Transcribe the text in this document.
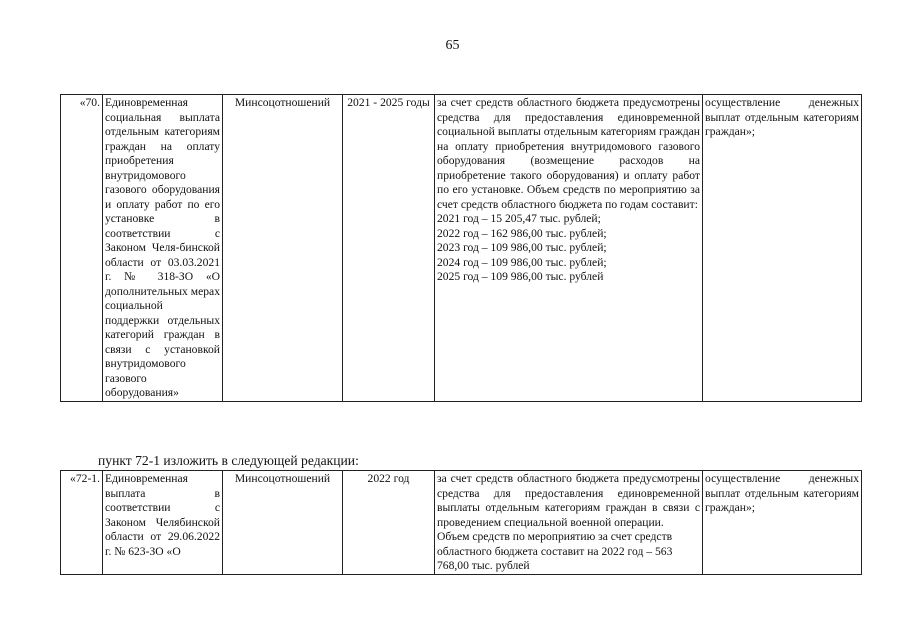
65
«70.	Единовременная социальная выплата отдельным категориям граждан на оплату приобретения внутридомового газового оборудования и оплату работ по его установке в соответствии с Законом Челя-бинской области от 03.03.2021 г. № 318-ЗО «О дополнительных мерах социальной поддержки отдельных категорий граждан в связи с установкой внутридомового газового оборудования»	Минсоцотношений	2021 - 2025 годы	за счет средств областного бюджета предусмотрены средства для предоставления единовременной социальной выплаты отдельным категориям граждан на оплату приобретения внутридомового газового оборудования (возмещение расходов на приобретение такого оборудования) и оплату работ по его установке. Объем средств по мероприятию за счет средств областного бюджета по годам составит:
2021 год – 15 205,47 тыс. рублей;
2022 год – 162 986,00 тыс. рублей;
2023 год – 109 986,00 тыс. рублей;
2024 год – 109 986,00 тыс. рублей;
2025 год – 109 986,00 тыс. рублей
	осуществление денежных выплат отдельным категориям граждан»;
пункт 72-1 изложить в следующей редакции:
«72-1.	Единовременная выплата в соответствии с Законом Челябинской области от 29.06.2022 г. № 623-ЗО «О	Минсоцотношений	2022 год	за счет средств областного бюджета предусмотрены средства для предоставления единовременной выплаты отдельным категориям граждан в связи с проведением специальной военной операции.
Объем средств по мероприятию за счет средств областного бюджета составит на 2022 год – 563 768,00 тыс. рублей
	осуществление денежных выплат отдельным категориям граждан»;
